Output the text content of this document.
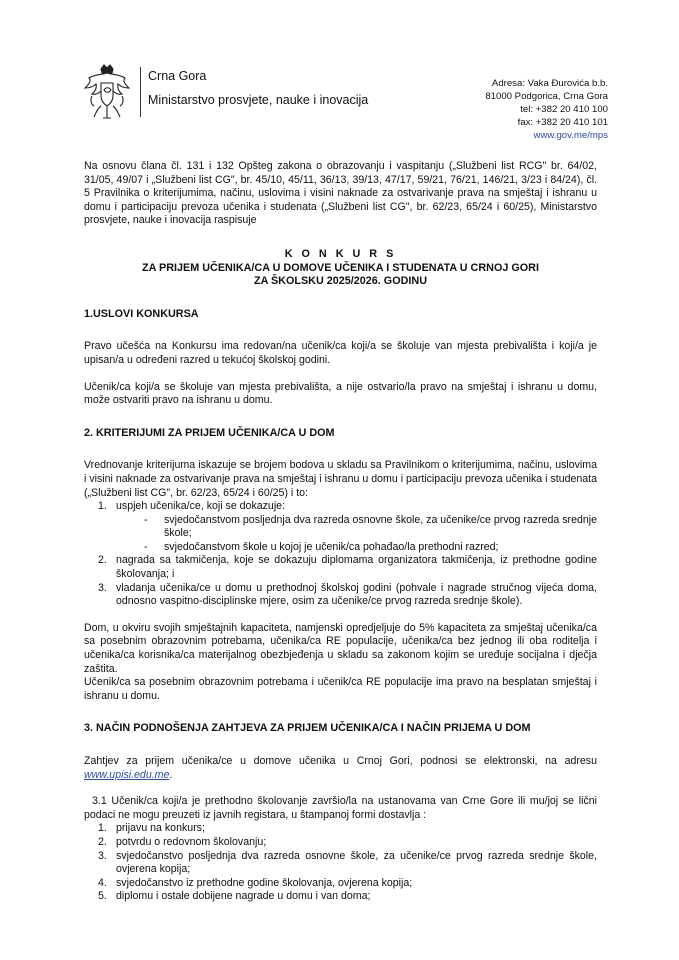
Crna Gora
Ministarstvo prosvjete, nauke i inovacija
Adresa: Vaka Đurovića b.b.
81000 Podgorica, Crna Gora
tel: +382 20 410 100
fax: +382 20 410 101
www.gov.me/mps

Na osnovu člana čl. 131 i 132 Opšteg zakona o obrazovanju i vaspitanju („Službeni list RCG" br. 64/02, 31/05, 49/07 i „Službeni list CG", br. 45/10, 45/11, 36/13, 39/13, 47/17, 59/21, 76/21, 146/21, 3/23 i 84/24), čl. 5 Pravilnika o kriterijumima, načinu, uslovima i visini naknade za ostvarivanje prava na smještaj i ishranu u domu i participaciju prevoza učenika i studenata („Službeni list CG", br. 62/23, 65/24 i 60/25), Ministarstvo prosvjete, nauke i inovacija raspisuje

K O N K U R S
ZA PRIJEM UČENIKA/CA U DOMOVE UČENIKA I STUDENATA U CRNOJ GORI
ZA ŠKOLSKU 2025/2026. GODINU
1.USLOVI KONKURSA

Pravo učešća na Konkursu ima redovan/na učenik/ca koji/a se školuje van mjesta prebivališta i koji/a je upisan/a u određeni razred u tekućoj školskoj godini.

Učenik/ca koji/a se školuje van mjesta prebivališta, a nije ostvario/la pravo na smještaj i ishranu u domu, može ostvariti pravo na ishranu u domu.

2. KRITERIJUMI ZA PRIJEM UČENIKA/CA U DOM

Vrednovanje kriterijuma iskazuje se brojem bodova u skladu sa Pravilnikom o kriterijumima, načinu, uslovima i visini naknade za ostvarivanje prava na smještaj i ishranu u domu i participaciju prevoza učenika i studenata („Službeni list CG", br. 62/23, 65/24 i 60/25) i to:

1. uspjeh učenika/ce, koji se dokazuje:
- svjedočanstvom posljednja dva razreda osnovne škole, za učenike/ce prvog razreda srednje škole;
- svjedočanstvom škole u kojoj je učenik/ca pohađao/la prethodni razred;
2. nagrada sa takmičenja, koje se dokazuju diplomama organizatora takmičenja, iz prethodne godine školovanja; i
3. vladanja učenika/ce u domu u prethodnoj školskoj godini (pohvale i nagrade stručnog vijeća doma, odnosno vaspitno-disciplinske mjere, osim za učenike/ce prvog razreda srednje škole).

Dom, u okviru svojih smještajnih kapaciteta, namjenski opredjeljuje do 5% kapaciteta za smještaj učenika/ca sa posebnim obrazovnim potrebama, učenika/ca RE populacije, učenika/ca bez jednog ili oba roditelja i učenika/ca korisnika/ca materijalnog obezbjeđenja u skladu sa zakonom kojim se uređuje socijalna i dječja zaštita.

Učenik/ca sa posebnim obrazovnim potrebama i učenik/ca RE populacije ima pravo na besplatan smještaj i ishranu u domu.

3. NAČIN PODNOŠENJA ZAHTJEVA ZA PRIJEM UČENIKA/CA I NAČIN PRIJEMA U DOM

Zahtjev za prijem učenika/ce u domove učenika u Crnoj Gori, podnosi se elektronski, na adresu www.upisi.edu.me.

3.1 Učenik/ca koji/a je prethodno školovanje završio/la na ustanovama van Crne Gore ili mu/joj se lični podaci ne mogu preuzeti iz javnih registara, u štampanoj formi dostavlja :

1. prijavu na konkurs;
2. potvrdu o redovnom školovanju;
3. svjedočanstvo posljednja dva razreda osnovne škole, za učenike/ce prvog razreda srednje škole, ovjerena kopija;
4. svjedočanstvo iz prethodne godine školovanja, ovjerena kopija;
5. diplomu i ostale dobijene nagrade u domu i van doma;
